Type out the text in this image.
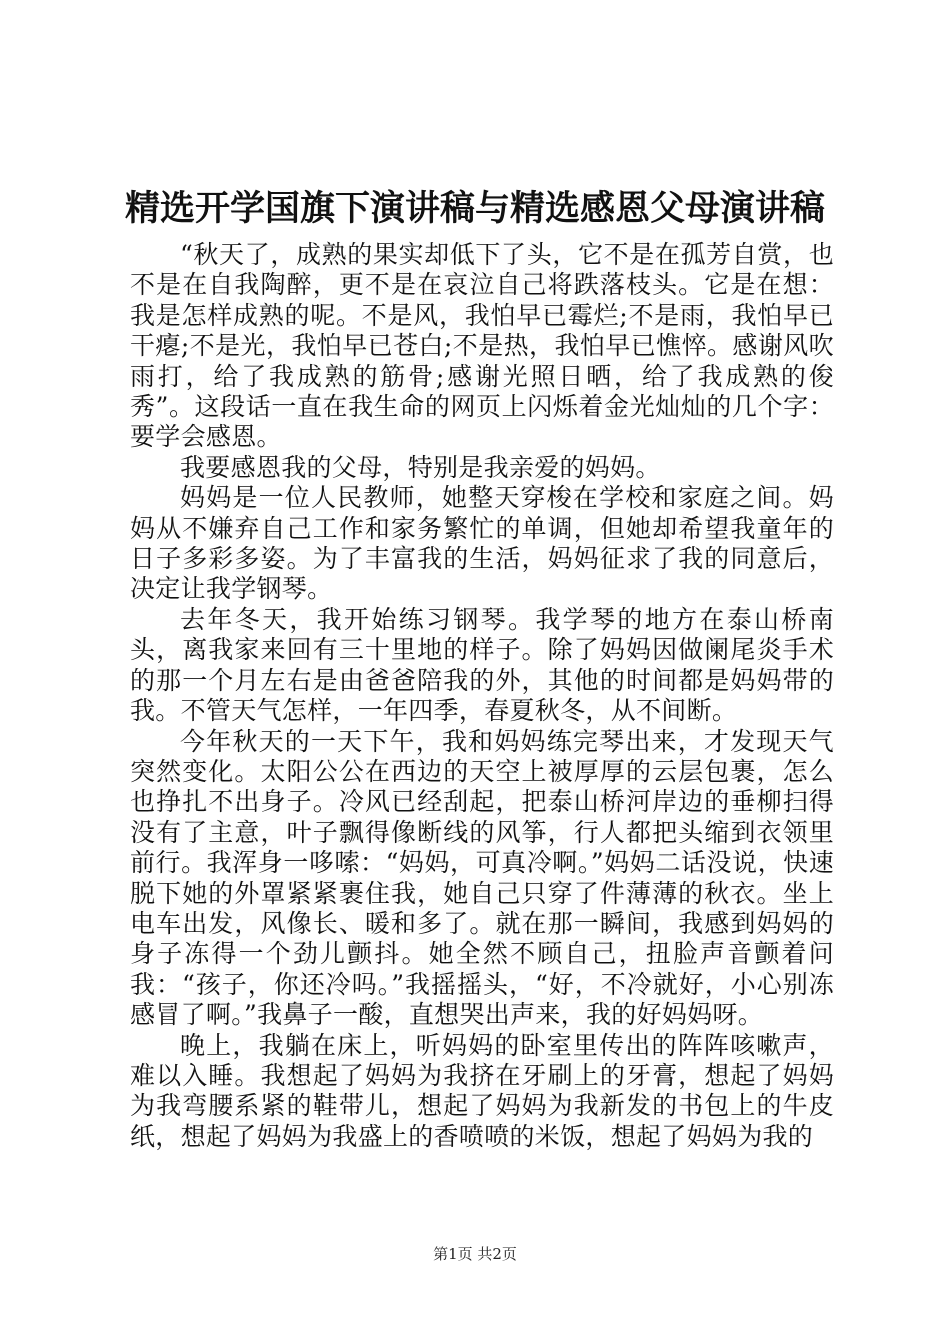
精选开学国旗下演讲稿与精选感恩父母演讲稿

“秋天了，成熟的果实却低下了头，它不是在孤芳自赏，也不是在自我陶醉，更不是在哀泣自己将跌落枝头。它是在想：我是怎样成熟的呢。不是风，我怕早已霉烂;不是雨，我怕早已干瘪;不是光，我怕早已苍白;不是热，我怕早已憔悴。感谢风吹雨打，给了我成熟的筋骨;感谢光照日晒，给了我成熟的俊秀”。这段话一直在我生命的网页上闪烁着金光灿灿的几个字：要学会感恩。

我要感恩我的父母，特别是我亲爱的妈妈。

妈妈是一位人民教师，她整天穿梭在学校和家庭之间。妈妈从不嫌弃自己工作和家务繁忙的单调，但她却希望我童年的日子多彩多姿。为了丰富我的生活，妈妈征求了我的同意后，决定让我学钢琴。

去年冬天，我开始练习钢琴。我学琴的地方在泰山桥南头，离我家来回有三十里地的样子。除了妈妈因做阑尾炎手术的那一个月左右是由爸爸陪我的外，其他的时间都是妈妈带的我。不管天气怎样，一年四季，春夏秋冬，从不间断。

今年秋天的一天下午，我和妈妈练完琴出来，才发现天气突然变化。太阳公公在西边的天空上被厚厚的云层包裹，怎么也挣扎不出身子。冷风已经刮起，把泰山桥河岸边的垂柳扫得没有了主意，叶子飘得像断线的风筝，行人都把头缩到衣领里前行。我浑身一哆嗦：“妈妈，可真冷啊。”妈妈二话没说，快速脱下她的外罩紧紧裹住我，她自己只穿了件薄薄的秋衣。坐上电车出发，风像长、暖和多了。就在那一瞬间，我感到妈妈的身子冻得一个劲儿颤抖。她全然不顾自己，扭脸声音颤着问我：“孩子，你还冷吗。”我摇摇头，“好，不冷就好，小心别冻感冒了啊。”我鼻子一酸，直想哭出声来，我的好妈妈呀。

晚上，我躺在床上，听妈妈的卧室里传出的阵阵咳嗽声，难以入睡。我想起了妈妈为我挤在牙刷上的牙膏，想起了妈妈为我弯腰系紧的鞋带儿，想起了妈妈为我新发的书包上的牛皮纸，想起了妈妈为我盛上的香喷喷的米饭，想起了妈妈为我的

第1页 共2页
